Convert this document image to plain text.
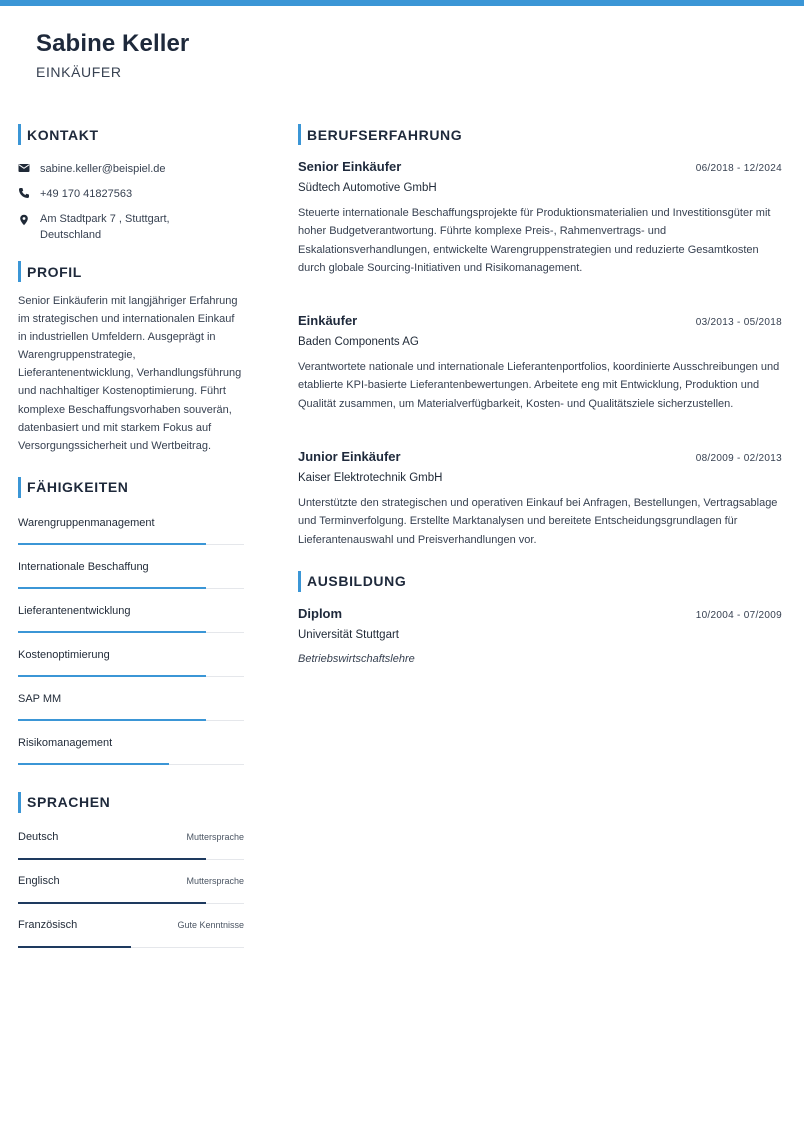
Sabine Keller
EINKÄUFER
KONTAKT
sabine.keller@beispiel.de
+49 170 41827563
Am Stadtpark 7 , Stuttgart,
Deutschland
PROFIL
Senior Einkäuferin mit langjähriger Erfahrung im strategischen und internationalen Einkauf in industriellen Umfeldern. Ausgeprägt in Warengruppenstrategie, Lieferantenentwicklung, Verhandlungsführung und nachhaltiger Kostenoptimierung. Führt komplexe Beschaffungsvorhaben souverän, datenbasiert und mit starkem Fokus auf Versorgungssicherheit und Wertbeitrag.
FÄHIGKEITEN
Warengruppenmanagement
Internationale Beschaffung
Lieferantenentwicklung
Kostenoptimierung
SAP MM
Risikomanagement
SPRACHEN
Deutsch	Muttersprache
Englisch	Muttersprache
Französisch	Gute Kenntnisse
BERUFSERFAHRUNG
Senior Einkäufer	06/2018 - 12/2024
Südtech Automotive GmbH
Steuerte internationale Beschaffungsprojekte für Produktionsmaterialien und Investitionsgüter mit hoher Budgetverantwortung. Führte komplexe Preis-, Rahmenvertrags- und Eskalationsverhandlungen, entwickelte Warengruppenstrategien und reduzierte Gesamtkosten durch globale Sourcing-Initiativen und Risikomanagement.
Einkäufer	03/2013 - 05/2018
Baden Components AG
Verantwortete nationale und internationale Lieferantenportfolios, koordinierte Ausschreibungen und etablierte KPI-basierte Lieferantenbewertungen. Arbeitete eng mit Entwicklung, Produktion und Qualität zusammen, um Materialverfügbarkeit, Kosten- und Qualitätsziele sicherzustellen.
Junior Einkäufer	08/2009 - 02/2013
Kaiser Elektrotechnik GmbH
Unterstützte den strategischen und operativen Einkauf bei Anfragen, Bestellungen, Vertragsablage und Terminverfolgung. Erstellte Marktanalysen und bereitete Entscheidungsgrundlagen für Lieferantenauswahl und Preisverhandlungen vor.
AUSBILDUNG
Diplom	10/2004 - 07/2009
Universität Stuttgart
Betriebswirtschaftslehre
